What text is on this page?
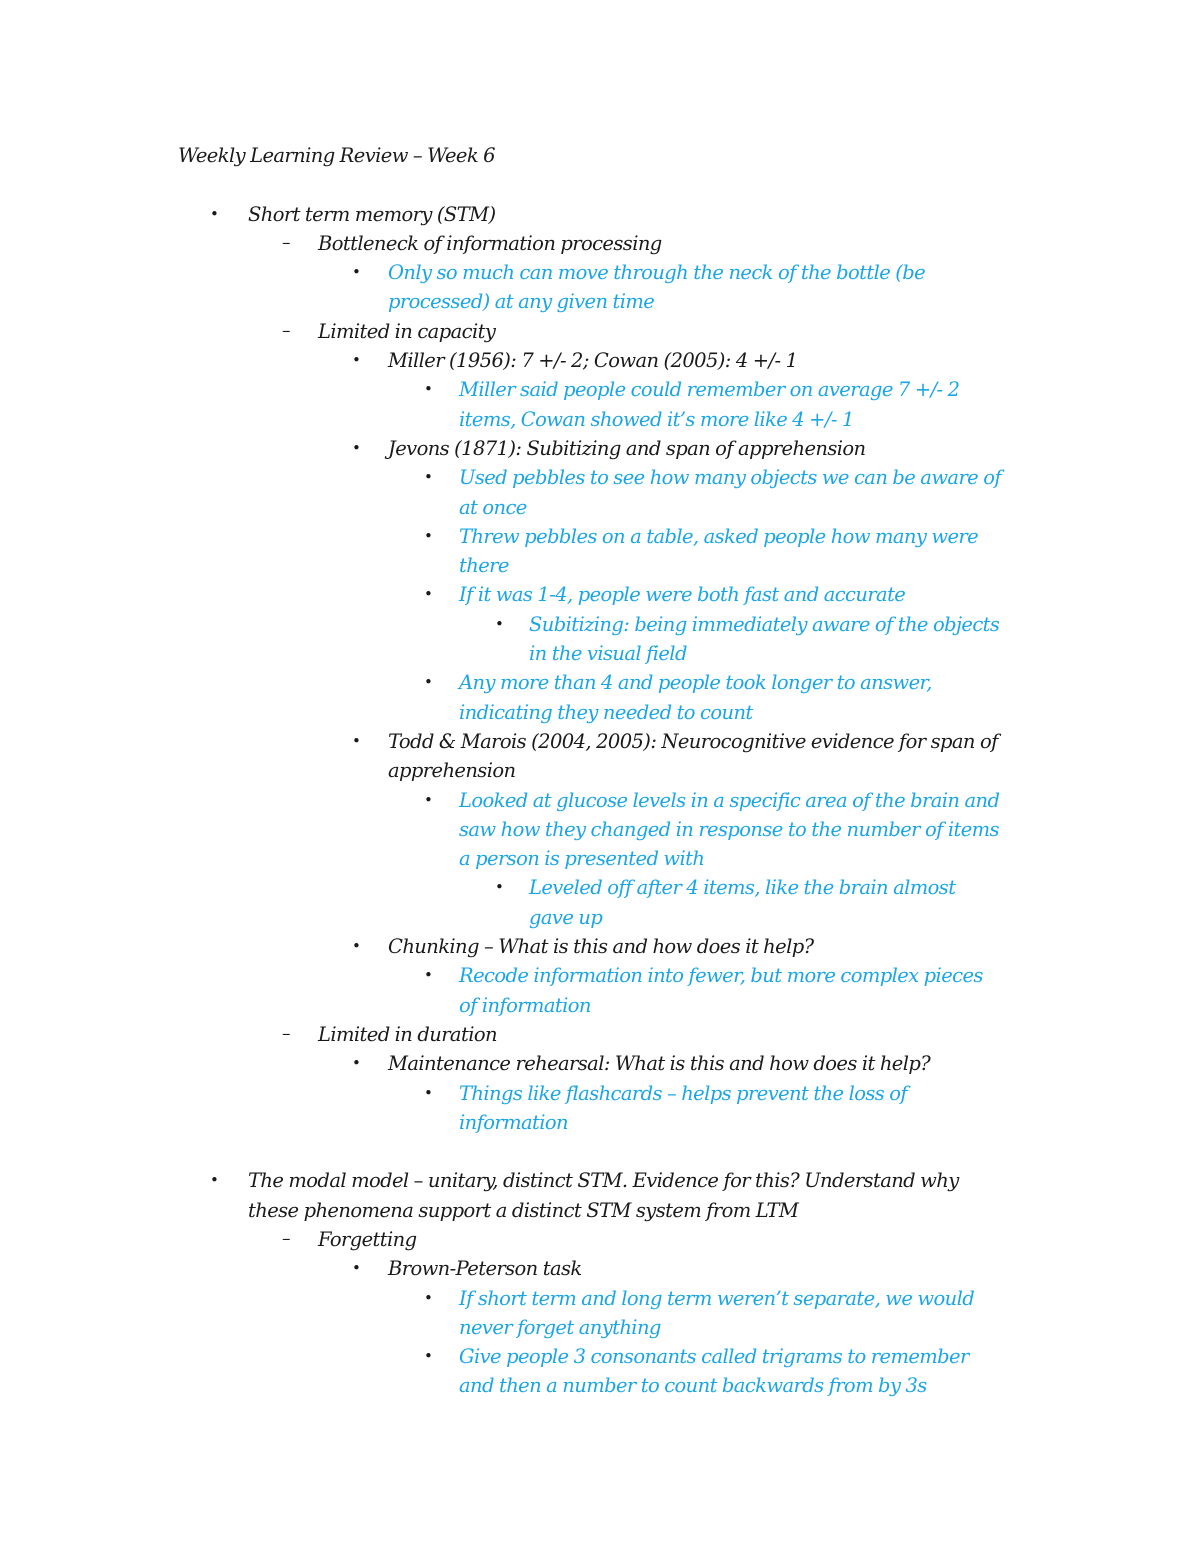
Weekly Learning Review – Week 6
• Short term memory (STM)
– Bottleneck of information processing
• Only so much can move through the neck of the bottle (be
processed) at any given time
– Limited in capacity
• Miller (1956): 7 +/- 2; Cowan (2005): 4 +/- 1
• Miller said people could remember on average 7 +/- 2
items, Cowan showed it’s more like 4 +/- 1
• Jevons (1871): Subitizing and span of apprehension
• Used pebbles to see how many objects we can be aware of
at once
• Threw pebbles on a table, asked people how many were
there
• If it was 1-4, people were both fast and accurate
• Subitizing: being immediately aware of the objects
in the visual field
• Any more than 4 and people took longer to answer,
indicating they needed to count
• Todd & Marois (2004, 2005): Neurocognitive evidence for span of
apprehension
• Looked at glucose levels in a specific area of the brain and
saw how they changed in response to the number of items
a person is presented with
• Leveled off after 4 items, like the brain almost
gave up
• Chunking – What is this and how does it help?
• Recode information into fewer, but more complex pieces
of information
– Limited in duration
• Maintenance rehearsal: What is this and how does it help?
• Things like flashcards – helps prevent the loss of
information
• The modal model – unitary, distinct STM. Evidence for this? Understand why
these phenomena support a distinct STM system from LTM
– Forgetting
• Brown-Peterson task
• If short term and long term weren’t separate, we would
never forget anything
• Give people 3 consonants called trigrams to remember
and then a number to count backwards from by 3s
